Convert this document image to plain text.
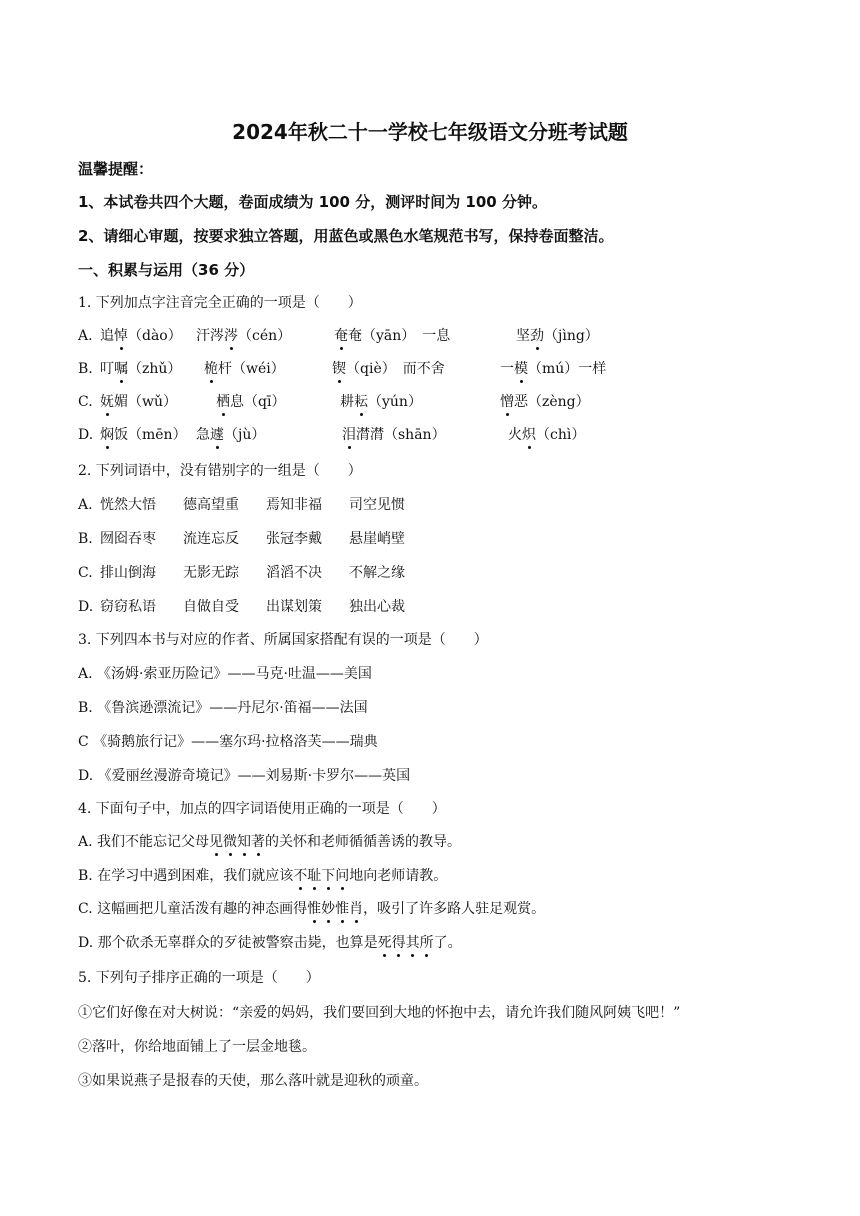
2024年秋二十一学校七年级语文分班考试题
温馨提醒：
1、本试卷共四个大题，卷面成绩为 100 分，测评时间为 100 分钟。
2、请细心审题，按要求独立答题，用蓝色或黑色水笔规范书写，保持卷面整洁。
一、积累与运用（36 分）
1. 下列加点字注音完全正确的一项是（　　）
A. 追悼（dào） 汗涔涔（cén）	奄奄（yān）　一息	坚劲（jìng）
B. 叮嘱（zhǔ） 桅杆（wéi）	锲（qiè）　而不舍	一模（mú）一样
C. 妩媚（wǔ）	栖息（qī）	耕耘（yún）	憎恶（zèng）
D. 焖饭（mēn） 急遽（jù）	泪潸潸（shān）	火炽（chì）
2. 下列词语中，没有错别字的一组是（　　）
A. 恍然大悟 德高望重 焉知非福 司空见惯
B. 囫囵吞枣 流连忘反 张冠李戴 悬崖峭壁
C. 排山倒海 无影无踪 滔滔不决 不解之缘
D. 窃窃私语 自做自受 出谋划策 独出心裁
3. 下列四本书与对应的作者、所属国家搭配有误的一项是（　　）
A. 《汤姆·索亚历险记》——马克·吐温——美国
B. 《鲁滨逊漂流记》——丹尼尔·笛福——法国
C 《骑鹅旅行记》——塞尔玛·拉格洛芙——瑞典
D. 《爱丽丝漫游奇境记》——刘易斯·卡罗尔——英国
4. 下面句子中，加点的四字词语使用正确的一项是（　　）
A. 我们不能忘记父母见微知著的关怀和老师循循善诱的教导。
B. 在学习中遇到困难，我们就应该不耻下问地向老师请教。
C. 这幅画把儿童活泼有趣的神态画得惟妙惟肖，吸引了许多路人驻足观赏。
D. 那个砍杀无辜群众的歹徒被警察击毙，也算是死得其所了。
5. 下列句子排序正确的一项是（　　）
①它们好像在对大树说：“亲爱的妈妈，我们要回到大地的怀抱中去，请允许我们随风阿姨飞吧！”
②落叶，你给地面铺上了一层金地毯。
③如果说燕子是报春的天使，那么落叶就是迎秋的顽童。
